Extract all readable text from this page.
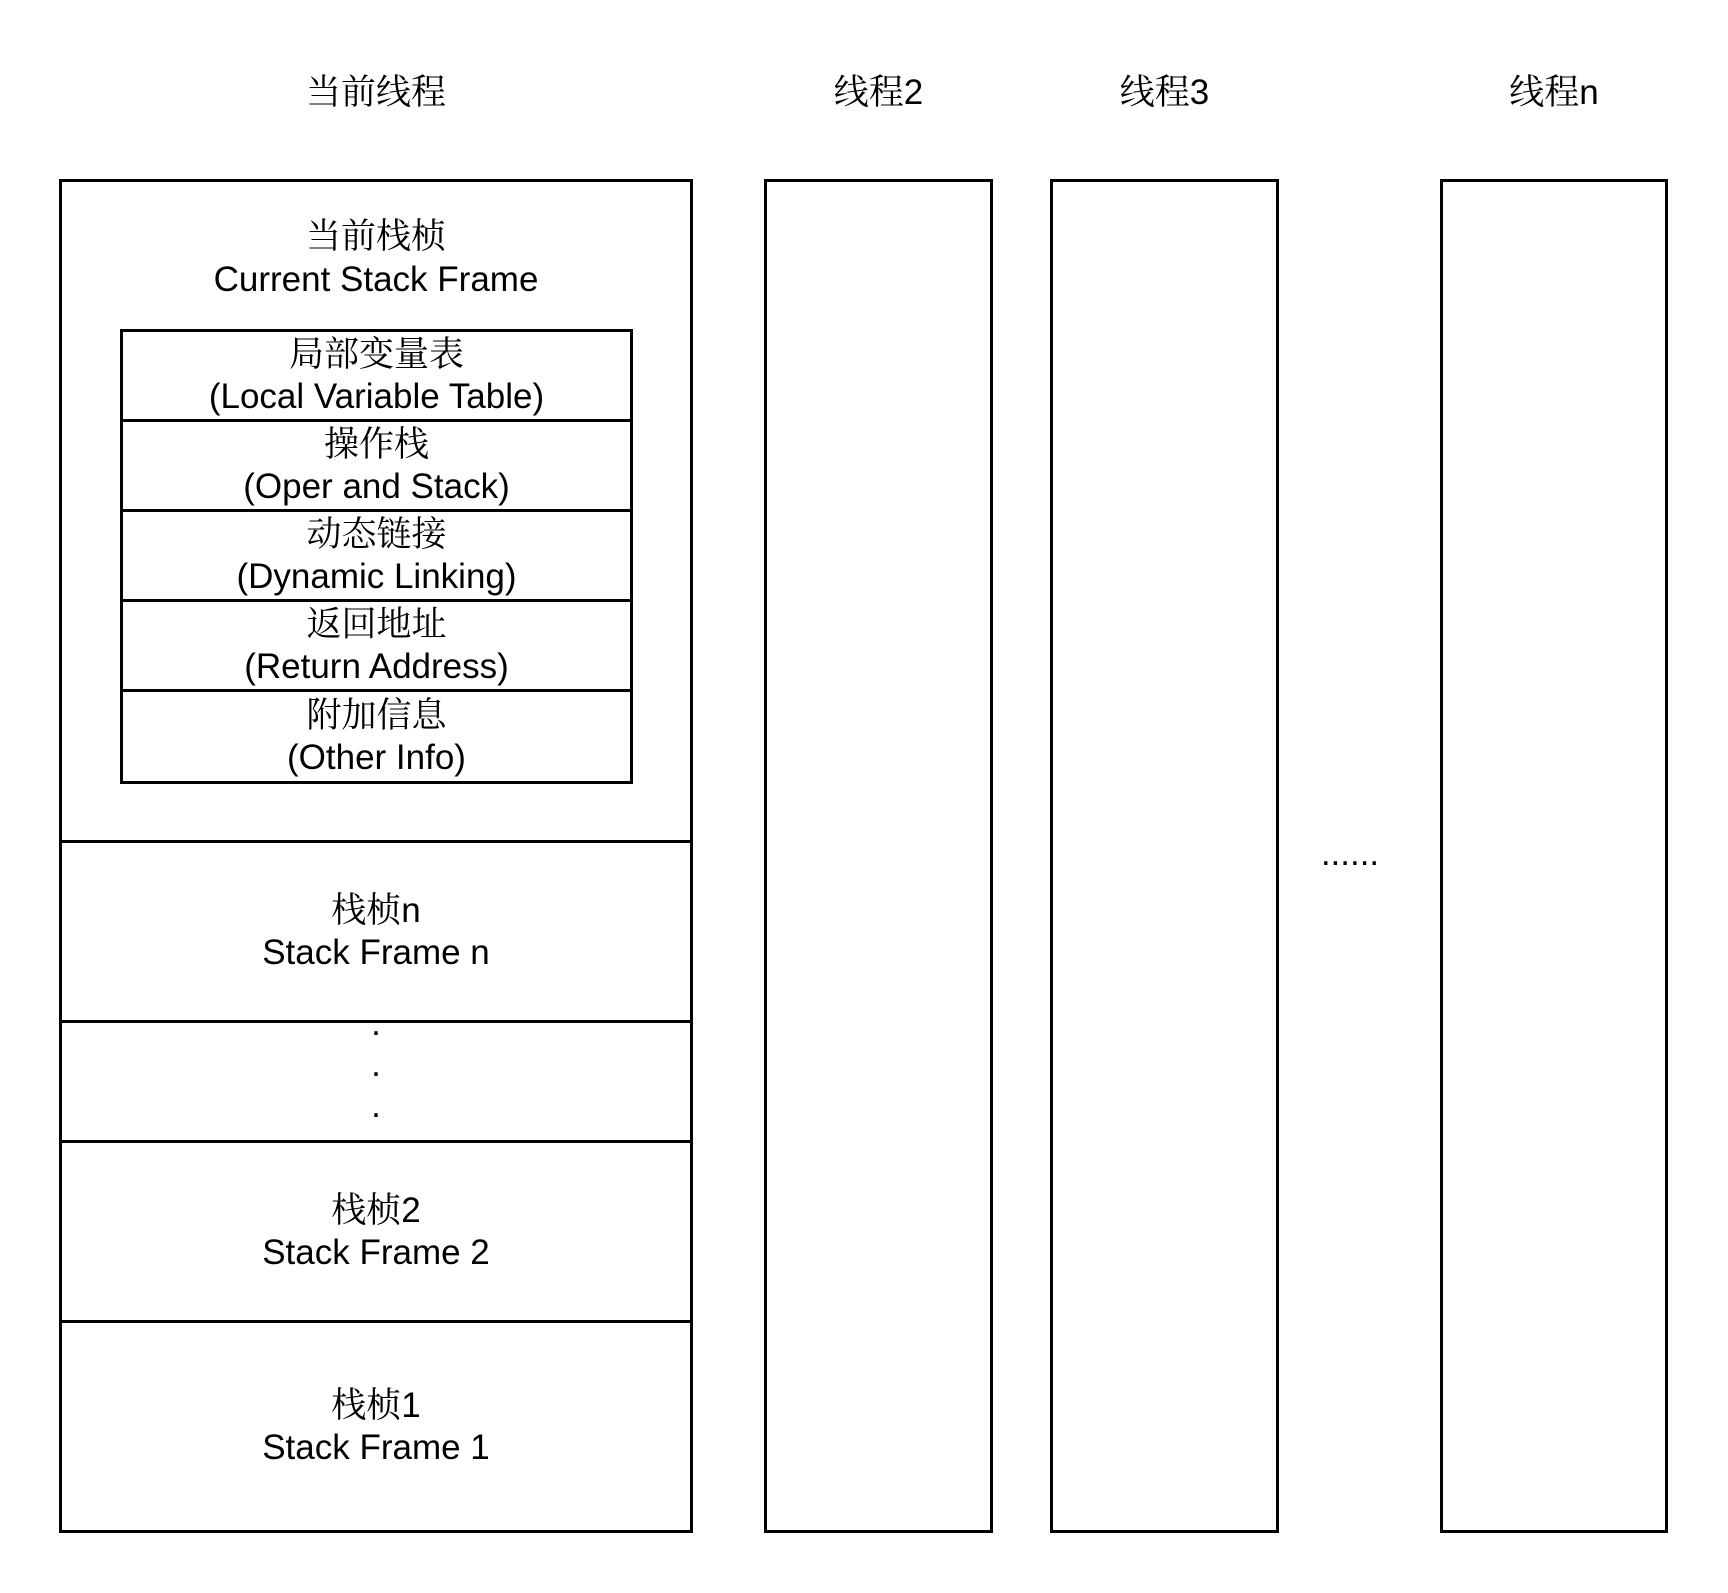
当前线程	线程2	线程3	线程n
......
当前栈桢
Current Stack Frame
局部变量表
(Local Variable Table)
操作栈
(Oper and Stack)
动态链接
(Dynamic Linking)
返回地址
(Return Address)
附加信息
(Other Info)
栈桢n
Stack Frame n
.
.
.
栈桢2
Stack Frame 2
栈桢1
Stack Frame 1
